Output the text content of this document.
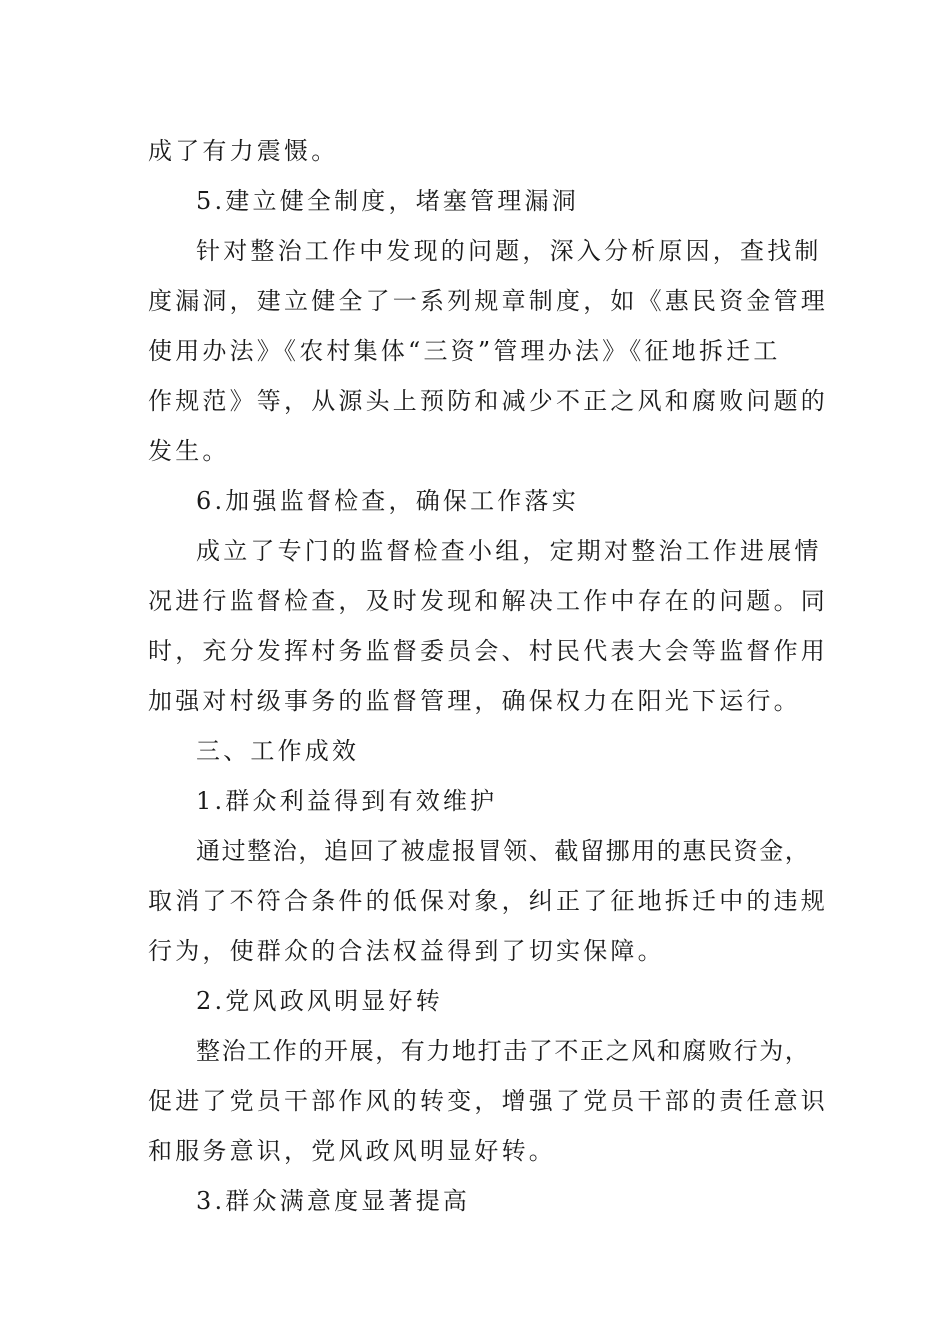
成了有力震慑。
5.建立健全制度，堵塞管理漏洞
针对整治工作中发现的问题，深入分析原因，查找制
度漏洞，建立健全了一系列规章制度，如《惠民资金管理
使用办法》《农村集体“三资”管理办法》《征地拆迁工
作规范》等，从源头上预防和减少不正之风和腐败问题的
发生。
6.加强监督检查，确保工作落实
成立了专门的监督检查小组，定期对整治工作进展情
况进行监督检查，及时发现和解决工作中存在的问题。同
时，充分发挥村务监督委员会、村民代表大会等监督作用
加强对村级事务的监督管理，确保权力在阳光下运行。
三、工作成效
1.群众利益得到有效维护
通过整治，追回了被虚报冒领、截留挪用的惠民资金，
取消了不符合条件的低保对象，纠正了征地拆迁中的违规
行为，使群众的合法权益得到了切实保障。
2.党风政风明显好转
整治工作的开展，有力地打击了不正之风和腐败行为，
促进了党员干部作风的转变，增强了党员干部的责任意识
和服务意识，党风政风明显好转。
3.群众满意度显著提高
